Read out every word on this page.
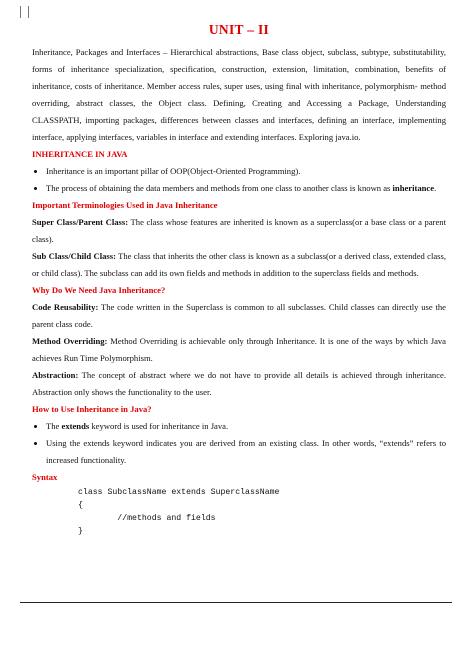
UNIT – II

Inheritance, Packages and Interfaces – Hierarchical abstractions, Base class object, subclass, subtype, substitutability, forms of inheritance specialization, specification, construction, extension, limitation, combination, benefits of inheritance, costs of inheritance. Member access rules, super uses, using final with inheritance, polymorphism- method overriding, abstract classes, the Object class. Defining, Creating and Accessing a Package, Understanding CLASSPATH, importing packages, differences between classes and interfaces, defining an interface, implementing interface, applying interfaces, variables in interface and extending interfaces. Exploring java.io.

INHERITANCE IN JAVA
• Inheritance is an important pillar of OOP(Object-Oriented Programming).
• The process of obtaining the data members and methods from one class to another class is known as inheritance.
Important Terminologies Used in Java Inheritance

Super Class/Parent Class: The class whose features are inherited is known as a superclass(or a base class or a parent class).

Sub Class/Child Class: The class that inherits the other class is known as a subclass(or a derived class, extended class, or child class). The subclass can add its own fields and methods in addition to the superclass fields and methods.

Why Do We Need Java Inheritance?

Code Reusability: The code written in the Superclass is common to all subclasses. Child classes can directly use the parent class code.

Method Overriding: Method Overriding is achievable only through Inheritance. It is one of the ways by which Java achieves Run Time Polymorphism.

Abstraction: The concept of abstract where we do not have to provide all details is achieved through inheritance. Abstraction only shows the functionality to the user.

How to Use Inheritance in Java?
• The extends keyword is used for inheritance in Java.
• Using the extends keyword indicates you are derived from an existing class. In other words, “extends” refers to increased functionality.
Syntax
class SubclassName extends SuperclassName
{
//methods and fields
}
